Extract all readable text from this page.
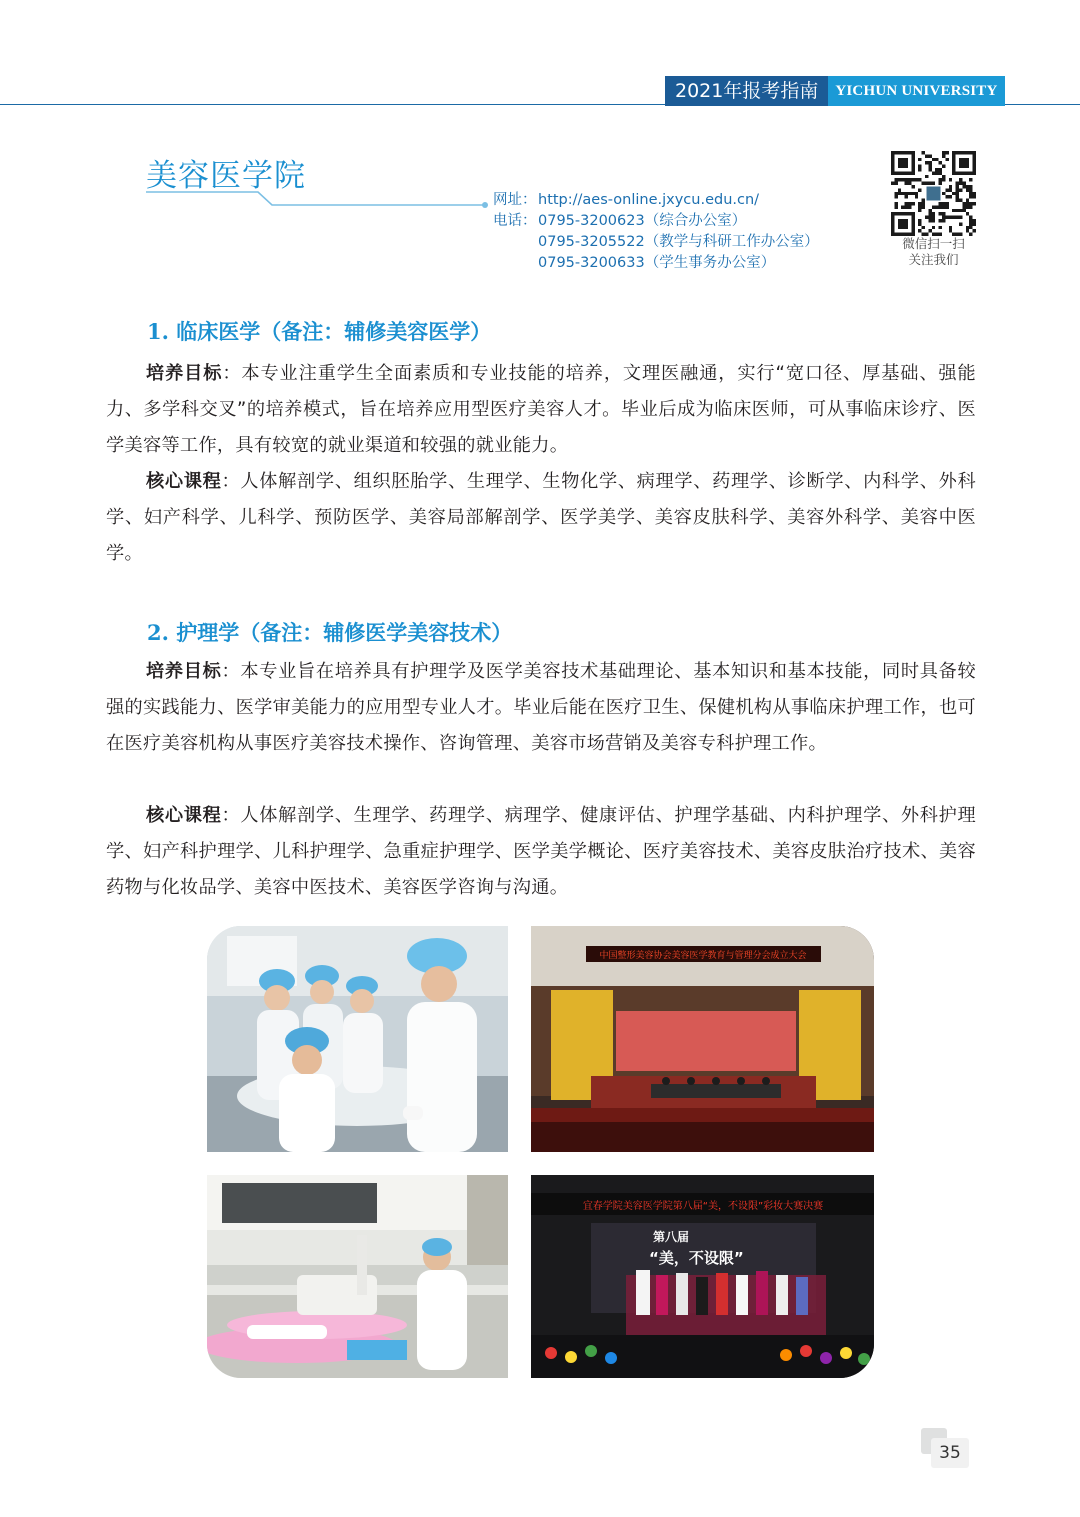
2021年报考指南	YICHUN UNIVERSITY
美容医学院
网址： http://aes-online.jxycu.edu.cn/
电话： 0795-3200623（综合办公室）
0795-3205522（教学与科研工作办公室）
0795-3200633（学生事务办公室）
微信扫一扫
关注我们
1. 临床医学（备注：辅修美容医学）

培养目标：本专业注重学生全面素质和专业技能的培养，文理医融通，实行“宽口径、厚基础、强能力、多学科交叉”的培养模式，旨在培养应用型医疗美容人才。毕业后成为临床医师，可从事临床诊疗、医学美容等工作，具有较宽的就业渠道和较强的就业能力。

核心课程：人体解剖学、组织胚胎学、生理学、生物化学、病理学、药理学、诊断学、内科学、外科学、妇产科学、儿科学、预防医学、美容局部解剖学、医学美学、美容皮肤科学、美容外科学、美容中医学。

2. 护理学（备注：辅修医学美容技术）

培养目标：本专业旨在培养具有护理学及医学美容技术基础理论、基本知识和基本技能，同时具备较强的实践能力、医学审美能力的应用型专业人才。毕业后能在医疗卫生、保健机构从事临床护理工作，也可在医疗美容机构从事医疗美容技术操作、咨询管理、美容市场营销及美容专科护理工作。

核心课程：人体解剖学、生理学、药理学、病理学、健康评估、护理学基础、内科护理学、外科护理学、妇产科护理学、儿科护理学、急重症护理学、医学美学概论、医疗美容技术、美容皮肤治疗技术、美容药物与化妆品学、美容中医技术、美容医学咨询与沟通。

中国整形美容协会美容医学教育与管理分会成立大会
宜春学院美容医学院第八届“美，不设限”彩妆大赛决赛
第八届
“美，不设限”
35
